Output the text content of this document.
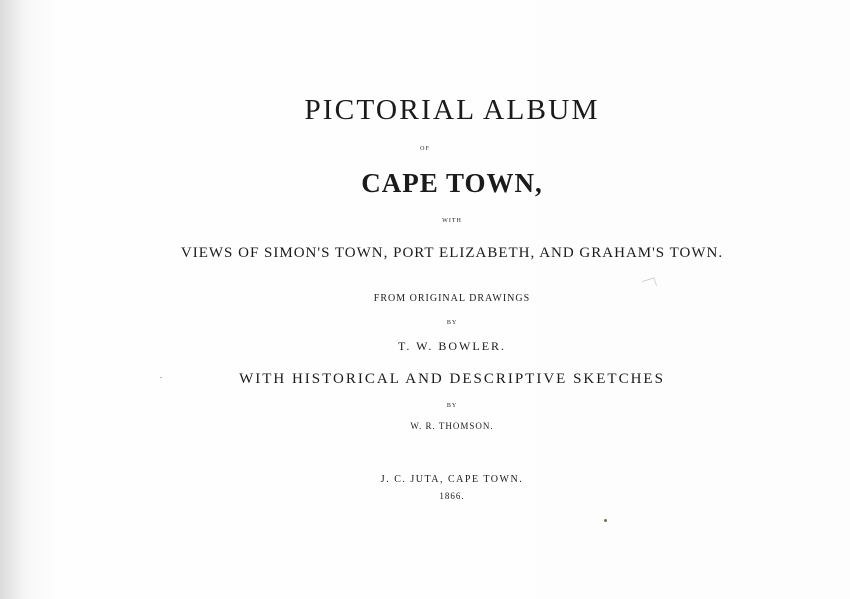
PICTORIAL ALBUM
OF
CAPE TOWN,
WITH
VIEWS OF SIMON'S TOWN, PORT ELIZABETH, AND GRAHAM'S TOWN.
FROM ORIGINAL DRAWINGS
BY
T. W. BOWLER.
WITH HISTORICAL AND DESCRIPTIVE SKETCHES
BY
W. R. THOMSON.
J. C. JUTA, CAPE TOWN.
1866.
